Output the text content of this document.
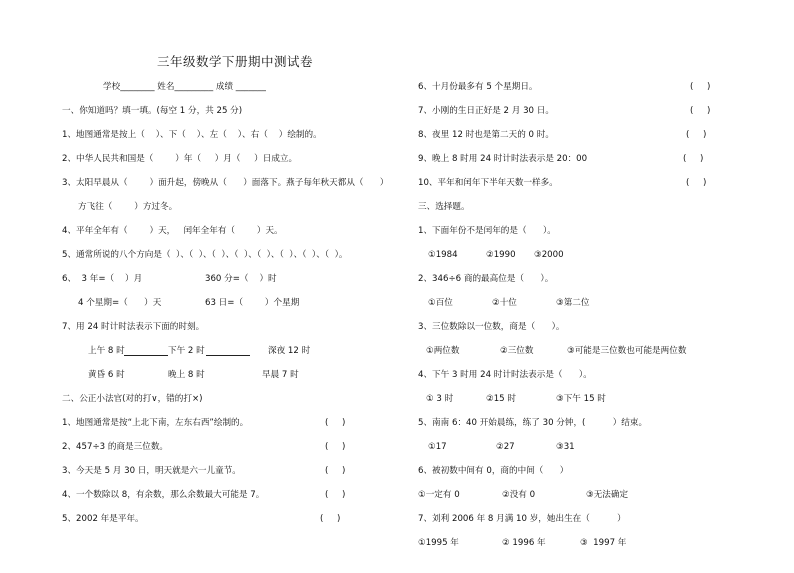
三年级数学下册期中测试卷
学校________ 姓名_________ 成绩 _______
一、你知道吗？填一填。(每空 1 分，共 25 分)
1、地图通常是按上（    ）、下（    ）、左（    ）、右（    ）绘制的。
2、中华人民共和国是（        ）年（     ）月（     ）日成立。
3、太阳早晨从（        ）面升起，傍晚从（      ）面落下。燕子每年秋天都从（      ）
方飞往（        ）方过冬。
4、平年全年有（        ）天，   闰年全年有（        ）天。
5、通常所说的八个方向是（  ）、（  ）、（  ）、（  ）、（  ）、（  ）、（  ）、（  ）。
6、  3 年=（    ）月	360 分=（    ）时
4 个星期=（      ）天	63 日=（        ）个星期
7、用 24 时计时法表示下面的时刻。
上午 8 时	下午 2 时	深夜 12 时
黄昏 6 时	晚上 8 时	早晨 7 时
二、公正小法官(对的打∨，错的打×)
1、地图通常是按“上北下南，左东右西”绘制的。	(     )
2、457÷3 的商是三位数。	(     )
3、今天是 5 月 30 日，明天就是六一儿童节。	(     )
4、一个数除以 8，有余数，那么余数最大可能是 7。	(     )
5、2002 年是平年。	(     )
6、十月份最多有 5 个星期日。	(     )
7、小刚的生日正好是 2 月 30 日。	(     )
8、夜里 12 时也是第二天的 0 时。	(     )
9、晚上 8 时用 24 时计时法表示是 20：00	(     )
10、平年和闰年下半年天数一样多。	(     )
三、选择题。
1、下面年份不是闰年的是（      ）。
①1984	②1990 ③2000
2、346÷6 商的最高位是（      ）。
①百位	②十位	③第二位
3、三位数除以一位数，商是（      ）。
①两位数	②三位数	③可能是三位数也可能是两位数
4、下午 3 时用 24 时计时法表示是（      ）。
① 3 时	②15 时	③下午 15 时
5、南南 6：40 开始晨练，练了 30 分钟，(          ）结束。
①17	②27	③31
6、被初数中间有 0，商的中间（      ）
①一定有 0	②没有 0	③无法确定
7、刘利 2006 年 8 月满 10 岁，她出生在（          ）
①1995 年	② 1996 年	③  1997 年
